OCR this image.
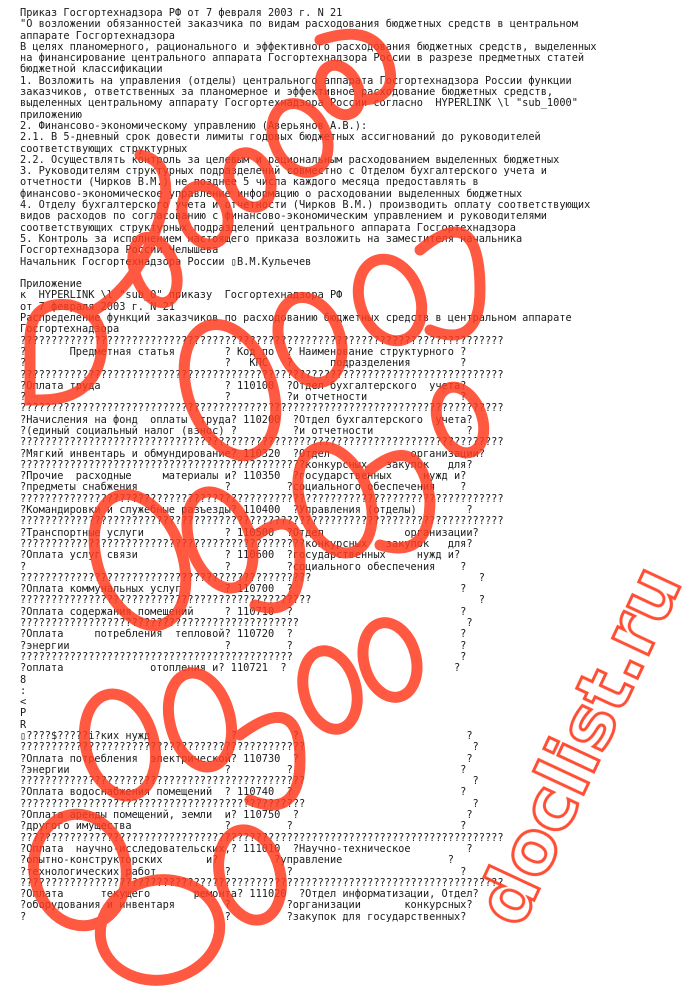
Приказ Госгортехнадзора РФ от 7 февраля 2003 г. N 21
"О возложении обязанностей заказчика по видам расходования бюджетных средств в центральном
аппарате Госгортехнадзора
В целях планомерного, рационального и эффективного расходования бюджетных средств, выделенных
на финансирование центрального аппарата Госгортехнадзора России в разрезе предметных статей
бюджетной классификации
1. Возложить на управления (отделы) центрального аппарата Госгортехнадзора России функции
заказчиков, ответственных за планомерное и эффективное расходование бюджетных средств,
выделенных центральному аппарату Госгортехнадзора России согласно  HYPERLINK \l "sub_1000"
приложению
2. Финансово-экономическому управлению (Аверьянов А.В.):
2.1. В 5-дневный срок довести лимиты годовых бюджетных ассигнований до руководителей
соответствующих структурных
2.2. Осуществлять контроль за целевым и рациональным расходованием выделенных бюджетных
3. Руководителям структурных подразделений совместно с Отделом бухгалтерского учета и
отчетности (Чирков В.М.) не позднее 5 числа каждого месяца предоставлять в
финансово-экономическое управление информацию о расходовании выделенных бюджетных
4. Отделу бухгалтерского учета и отчетности (Чирков В.М.) производить оплату соответствующих
видов расходов по согласованию с финансово-экономическим управлением и руководителями
соответствующих структурных подразделений центрального аппарата Госгортехнадзора
5. Контроль за исполнением настоящего приказа возложить на заместителя начальника
Госгортехнадзора России Челышева
Начальник Госгортехнадзора России ▯В.М.Кульечев
Приложение
к  HYPERLINK \l "sub_0" приказу  Госгортехнадзора РФ
от 7 февраля 2003 г. N 21
Распределение функций заказчиков по расходованию бюджетных средств в центральном аппарате
Госгортехнадзора
??????????????????????????????????????????????????????????????????????????????
?       Предметная статья        ? Код по  ? Наименование структурного ?
?                                ?   КПС   ?      подразделения        ?
??????????????????????????????????????????????????????????????????????????????
?Оплата труда                    ? 110100  ?Отдел бухгалтерского  учета?
?                                ?         ?и отчетности               ?
??????????????????????????????????????????????????????????????????????????????
?Начисления на фонд  оплаты  труда? 110200  ?Отдел бухгалтерского  учета?
?(единый социальный налог (взнос) ?         ?и отчетности               ?
??????????????????????????????????????????????????????????????????????????????
?Мягкий инвентарь и обмундирование? 110320  ?Отдел             организации?
??????????????????????????????????????????????конкурсных   закупок   для?
?Прочие  расходные     материалы и? 110350  ?государственных     нужд и?
?предметы снабжения              ?         ?социального обеспечения    ?
??????????????????????????????????????????????????????????????????????????????
?Командировки и служебные разъезды? 110400  ?Управления (отделы)        ?
??????????????????????????????????????????????????????????????????????????????
?Транспортные услуги             ? 110500  ?Отдел             организации?
??????????????????????????????????????????????конкурсных   закупок   для?
?Оплата услуг связи              ? 110600  ?государственных     нужд и?
?                                ?         ?социального обеспечения    ?
???????????????????????????????????????????????                           ?
?Оплата коммунальных услуг       ? 110700  ?                           ?
???????????????????????????????????????????????                           ?
?Оплата содержания помещений     ? 110710  ?                           ?
?????????????????????????????????????????????                           ?
?Оплата     потребления  тепловой? 110720  ?                           ?
?энергии                         ?         ?                           ?
????????????????????????????????????????????                           ?
?оплата              отопления и? 110721  ?                           ?
8
:
<
P
R
▯????$?????i?ких нужд             ?         ?                           ?
??????????????????????????????????????????????                           ?
?Оплата потребления  электрической? 110730  ?                           ?
?энергии                         ?         ?                           ?
??????????????????????????????????????????????                           ?
?Оплата водоснабжения помещений  ? 110740  ?                           ?
??????????????????????????????????????????????                           ?
?Оплата аренды помещений, земли  и? 110750  ?                           ?
?другого имущества               ?         ?                           ?
??????????????????????????????????????????????????????????????????????????????
?Оплата  научно-исследовательских,? 111010  ?Научно-техническое         ?
?опытно-конструкторских       и?         ?управление                 ?
?технологических работ           ?         ?                           ?
??????????????????????????????????????????????????????????????????????????????
?Оплата      текущего       ремонта? 111020  ?Отдел информатизации, Отдел?
?оборудования и инвентаря        ?         ?организации       конкурсных?
?                                ?         ?закупок для государственных?
doclist.ru
